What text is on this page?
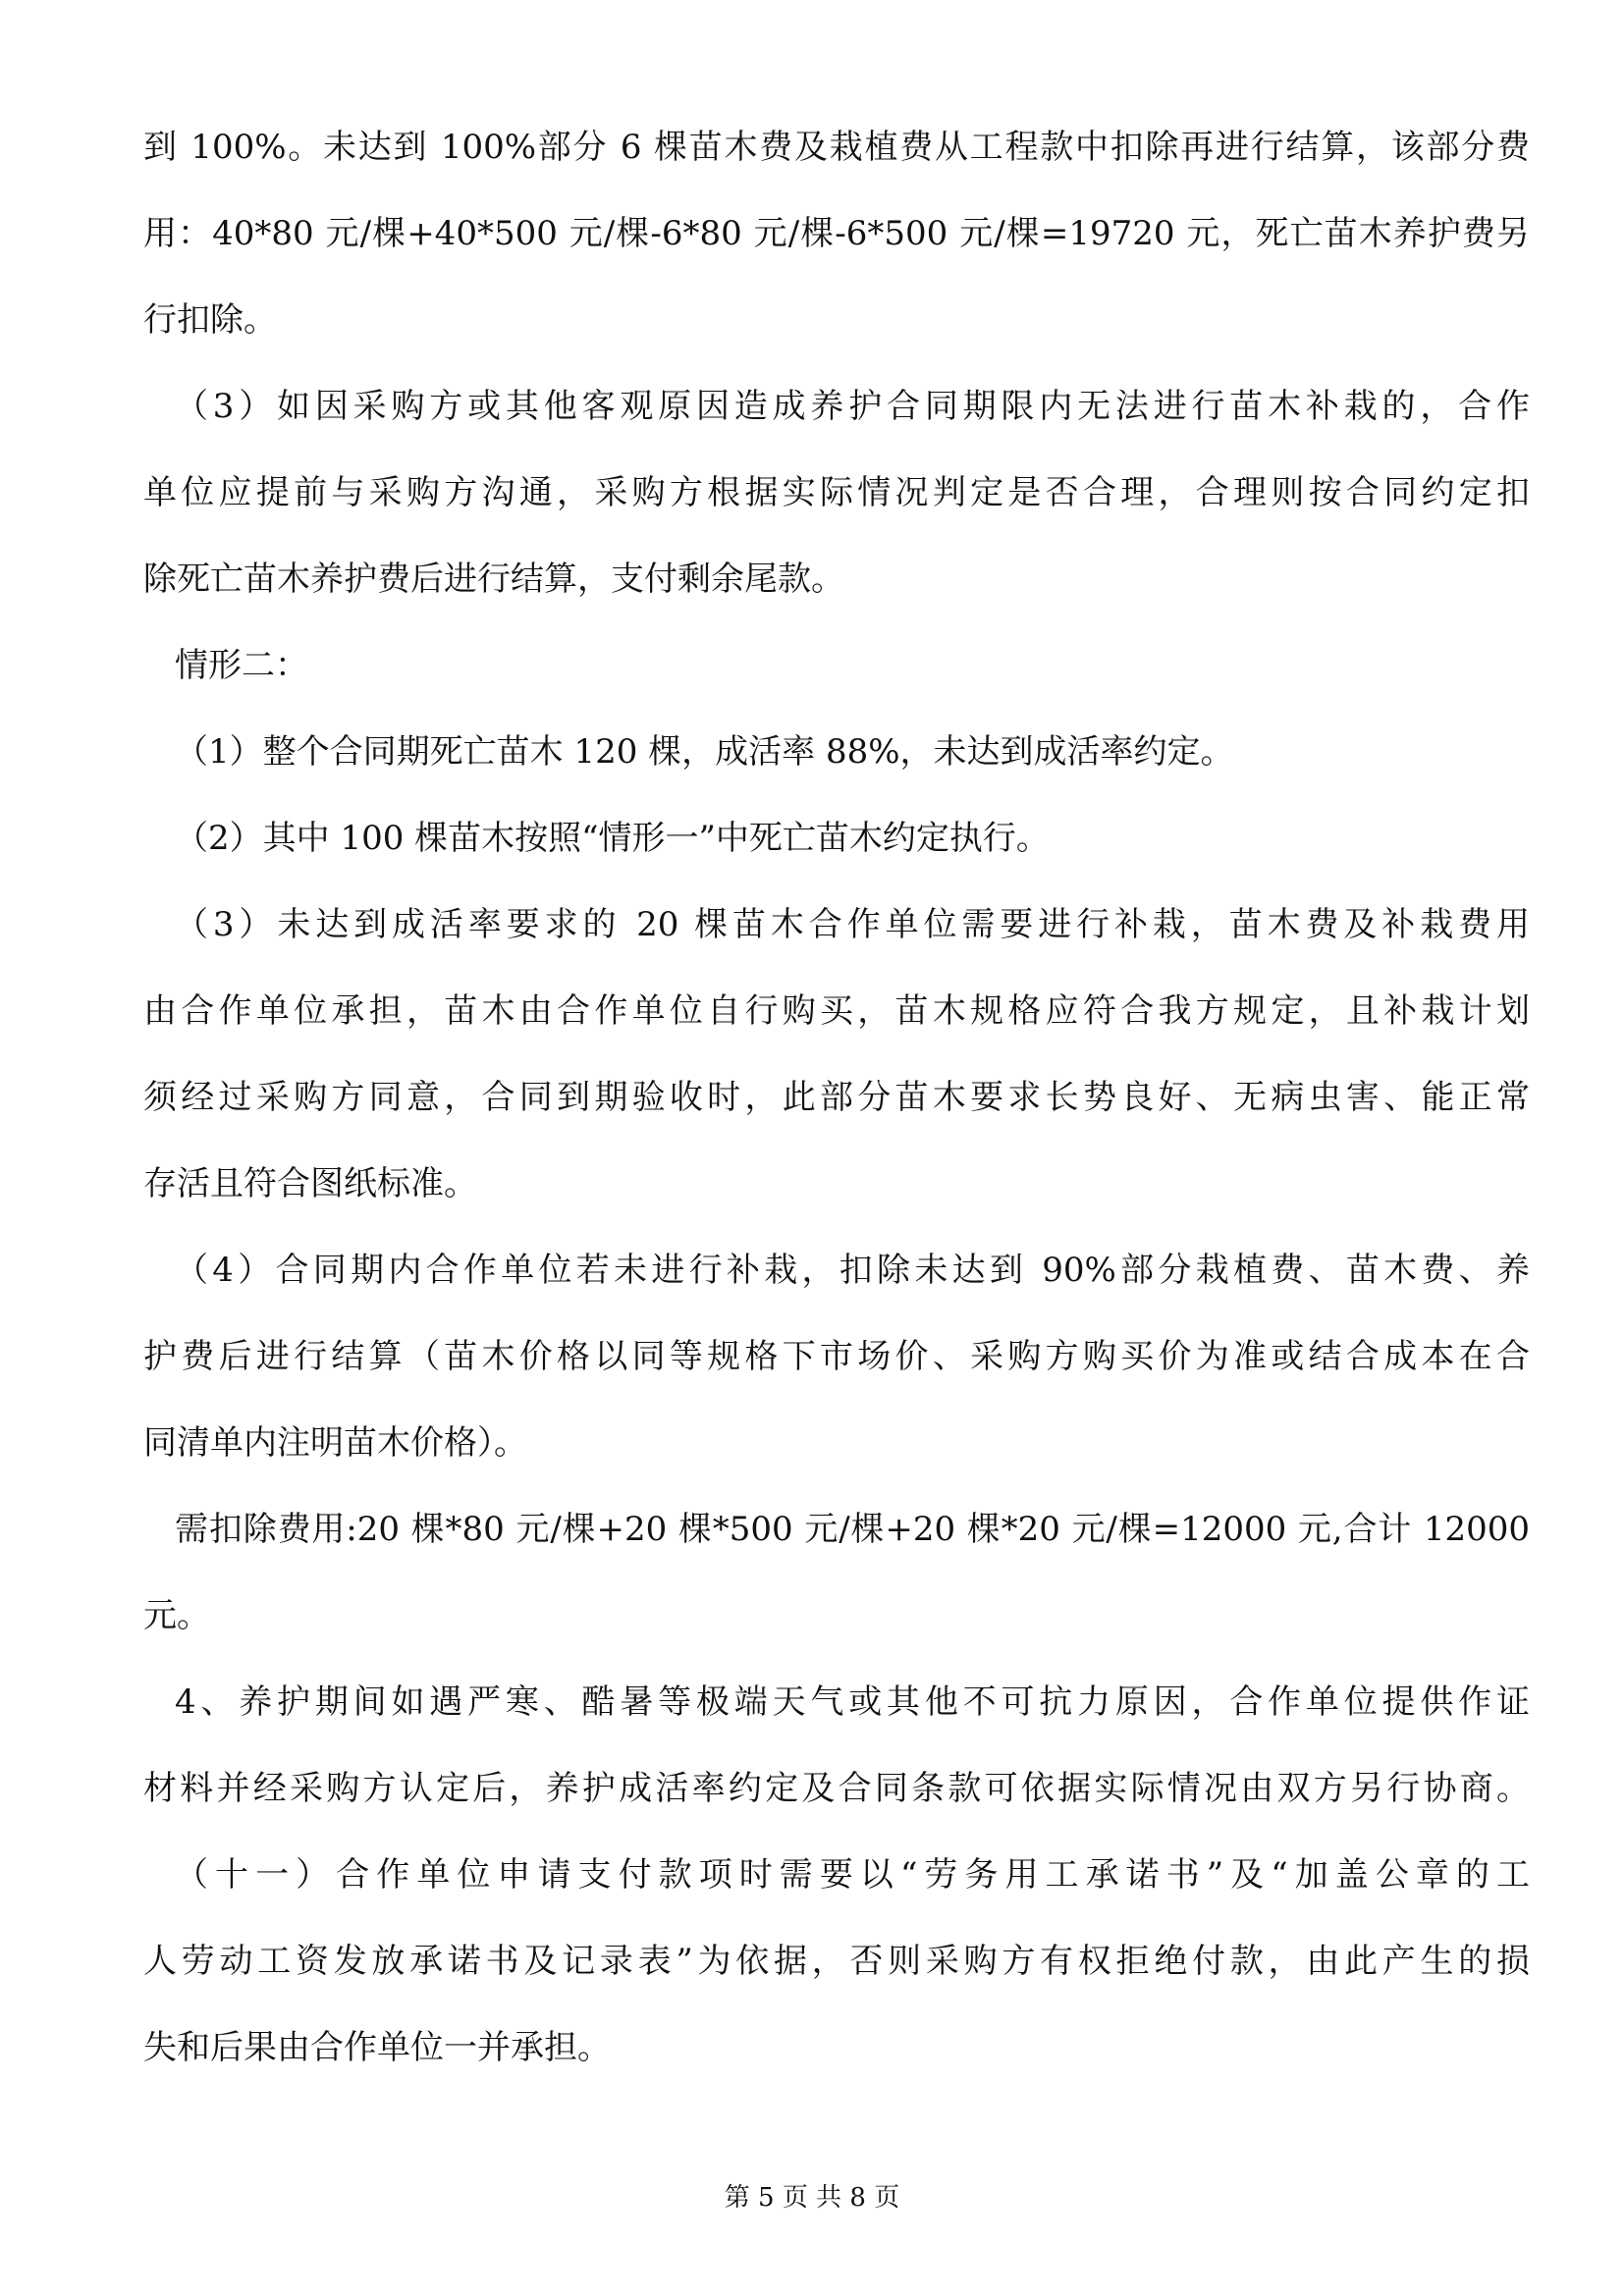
到 100%。未达到 100%部分 6 棵苗木费及栽植费从工程款中扣除再进行结算，该部分费
用：40*80 元/棵+40*500 元/棵-6*80 元/棵-6*500 元/棵=19720 元，死亡苗木养护费另
行扣除。
（3）如因采购方或其他客观原因造成养护合同期限内无法进行苗木补栽的，合作
单位应提前与采购方沟通，采购方根据实际情况判定是否合理，合理则按合同约定扣
除死亡苗木养护费后进行结算，支付剩余尾款。
情形二：
（1）整个合同期死亡苗木 120 棵，成活率 88%，未达到成活率约定。
（2）其中 100 棵苗木按照“情形一”中死亡苗木约定执行。
（3）未达到成活率要求的 20 棵苗木合作单位需要进行补栽，苗木费及补栽费用
由合作单位承担，苗木由合作单位自行购买，苗木规格应符合我方规定，且补栽计划
须经过采购方同意，合同到期验收时，此部分苗木要求长势良好、无病虫害、能正常
存活且符合图纸标准。
（4）合同期内合作单位若未进行补栽，扣除未达到 90%部分栽植费、苗木费、养
护费后进行结算（苗木价格以同等规格下市场价、采购方购买价为准或结合成本在合
同清单内注明苗木价格）。
需扣除费用:20 棵*80 元/棵+20 棵*500 元/棵+20 棵*20 元/棵=12000 元,合计 12000
元。
4、养护期间如遇严寒、酷暑等极端天气或其他不可抗力原因，合作单位提供作证
材料并经采购方认定后，养护成活率约定及合同条款可依据实际情况由双方另行协商。
（十一）合作单位申请支付款项时需要以“劳务用工承诺书”及“加盖公章的工
人劳动工资发放承诺书及记录表”为依据，否则采购方有权拒绝付款，由此产生的损
失和后果由合作单位一并承担。
第 5 页 共 8 页
